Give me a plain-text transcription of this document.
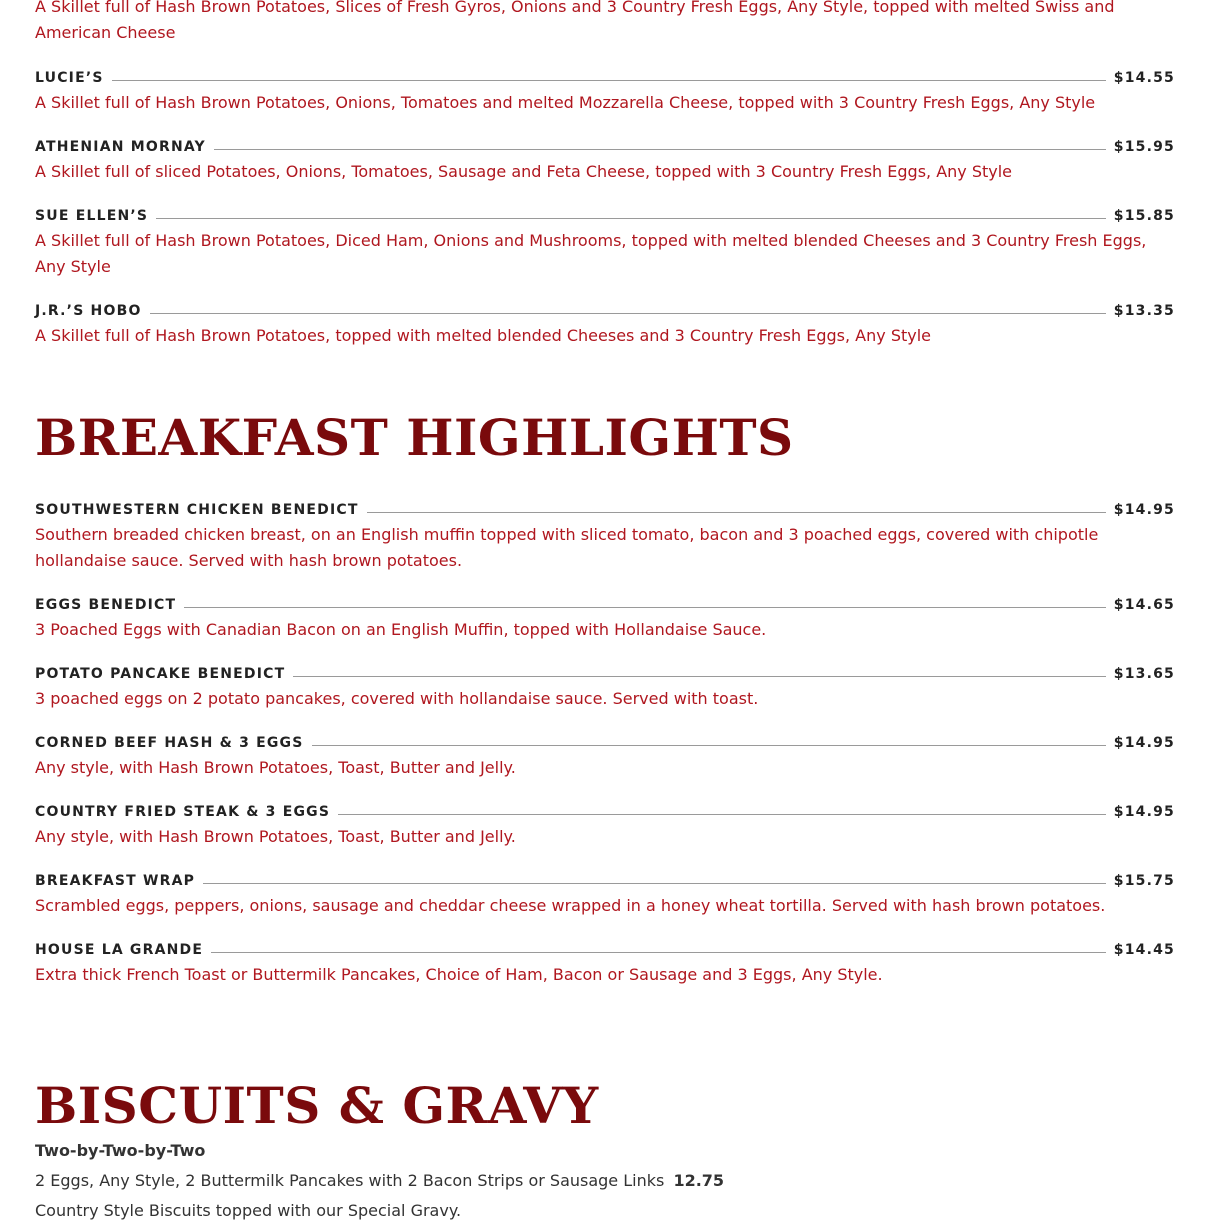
A Skillet full of Hash Brown Potatoes, Slices of Fresh Gyros, Onions and 3 Country Fresh Eggs, Any Style, topped with melted Swiss and American Cheese
LUCIE’S	$14.55
A Skillet full of Hash Brown Potatoes, Onions, Tomatoes and melted Mozzarella Cheese, topped with 3 Country Fresh Eggs, Any Style
ATHENIAN MORNAY	$15.95
A Skillet full of sliced Potatoes, Onions, Tomatoes, Sausage and Feta Cheese, topped with 3 Country Fresh Eggs, Any Style
SUE ELLEN’S	$15.85
A Skillet full of Hash Brown Potatoes, Diced Ham, Onions and Mushrooms, topped with melted blended Cheeses and 3 Country Fresh Eggs, Any Style
J.R.’S HOBO	$13.35
A Skillet full of Hash Brown Potatoes, topped with melted blended Cheeses and 3 Country Fresh Eggs, Any Style
BREAKFAST HIGHLIGHTS
SOUTHWESTERN CHICKEN BENEDICT	$14.95
Southern breaded chicken breast, on an English muffin topped with sliced tomato, bacon and 3 poached eggs, covered with chipotle hollandaise sauce. Served with hash brown potatoes.
EGGS BENEDICT	$14.65
3 Poached Eggs with Canadian Bacon on an English Muffin, topped with Hollandaise Sauce.
POTATO PANCAKE BENEDICT	$13.65
3 poached eggs on 2 potato pancakes, covered with hollandaise sauce. Served with toast.
CORNED BEEF HASH & 3 EGGS	$14.95
Any style, with Hash Brown Potatoes, Toast, Butter and Jelly.
COUNTRY FRIED STEAK & 3 EGGS	$14.95
Any style, with Hash Brown Potatoes, Toast, Butter and Jelly.
BREAKFAST WRAP	$15.75
Scrambled eggs, peppers, onions, sausage and cheddar cheese wrapped in a honey wheat tortilla. Served with hash brown potatoes.
HOUSE LA GRANDE	$14.45
Extra thick French Toast or Buttermilk Pancakes, Choice of Ham, Bacon or Sausage and 3 Eggs, Any Style.
BISCUITS & GRAVY
Two-by-Two-by-Two
2 Eggs, Any Style, 2 Buttermilk Pancakes with 2 Bacon Strips or Sausage Links 12.75
Country Style Biscuits topped with our Special Gravy.
